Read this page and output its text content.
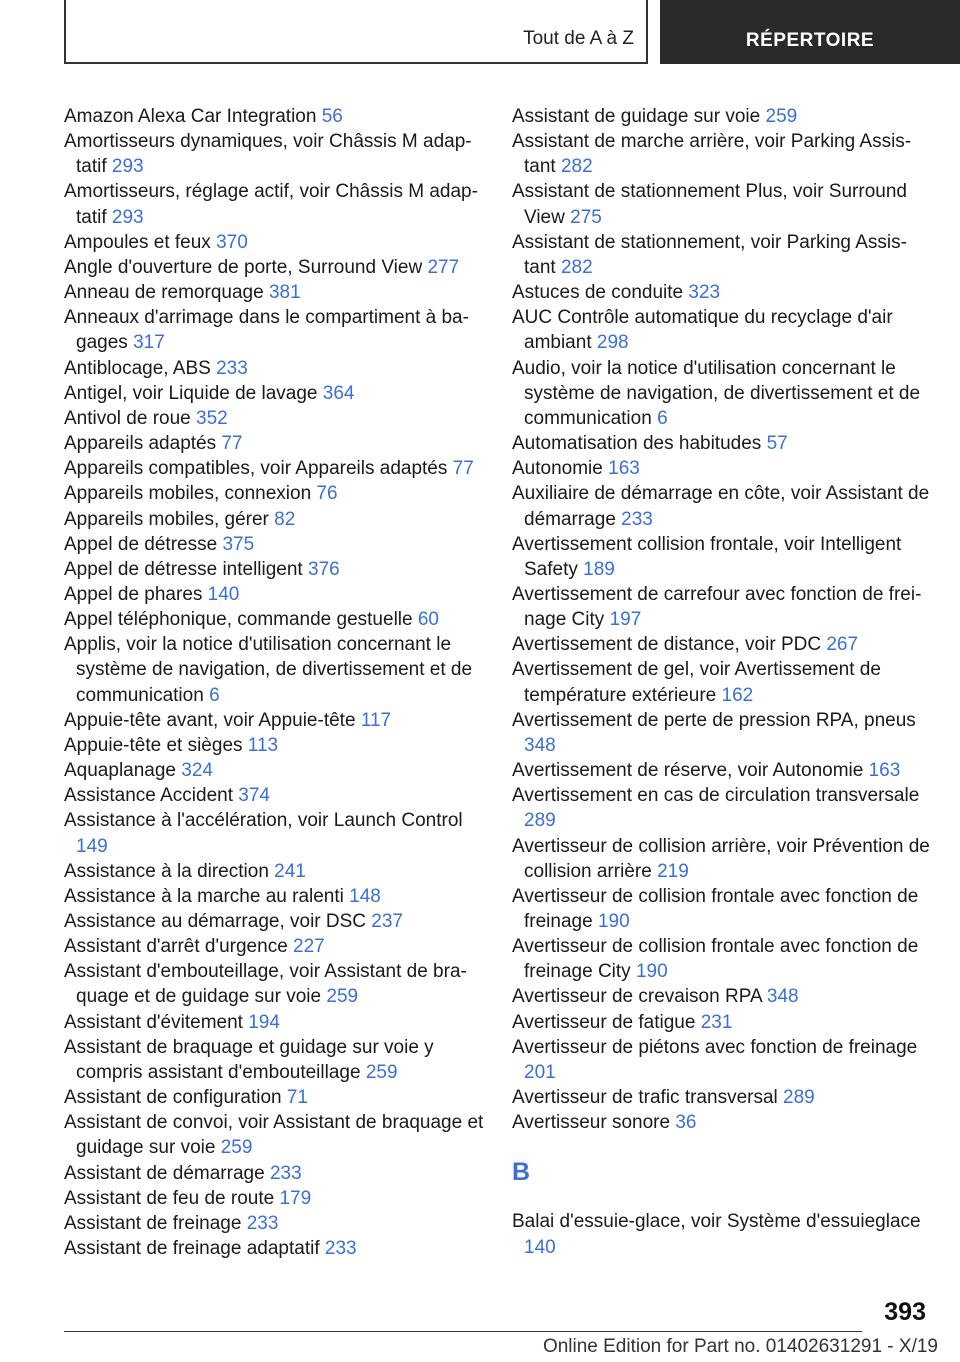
Tout de A à Z	RÉPERTOIRE
Amazon Alexa Car Integration 56
Amortisseurs dynamiques, voir Châssis M adaptatif 293
Amortisseurs, réglage actif, voir Châssis M adaptatif 293
Ampoules et feux 370
Angle d'ouverture de porte, Surround View 277
Anneau de remorquage 381
Anneaux d'arrimage dans le compartiment à bagages 317
Antiblocage, ABS 233
Antigel, voir Liquide de lavage 364
Antivol de roue 352
Appareils adaptés 77
Appareils compatibles, voir Appareils adaptés 77
Appareils mobiles, connexion 76
Appareils mobiles, gérer 82
Appel de détresse 375
Appel de détresse intelligent 376
Appel de phares 140
Appel téléphonique, commande gestuelle 60
Applis, voir la notice d'utilisation concernant le système de navigation, de divertissement et de communication 6
Appuie-tête avant, voir Appuie-tête 117
Appuie-tête et sièges 113
Aquaplanage 324
Assistance Accident 374
Assistance à l'accélération, voir Launch Control 149
Assistance à la direction 241
Assistance à la marche au ralenti 148
Assistance au démarrage, voir DSC 237
Assistant d'arrêt d'urgence 227
Assistant d'embouteillage, voir Assistant de braquage et de guidage sur voie 259
Assistant d'évitement 194
Assistant de braquage et guidage sur voie y compris assistant d'embouteillage 259
Assistant de configuration 71
Assistant de convoi, voir Assistant de braquage et guidage sur voie 259
Assistant de démarrage 233
Assistant de feu de route 179
Assistant de freinage 233
Assistant de freinage adaptatif 233
Assistant de guidage sur voie 259
Assistant de marche arrière, voir Parking Assistant 282
Assistant de stationnement Plus, voir Surround View 275
Assistant de stationnement, voir Parking Assistant 282
Astuces de conduite 323
AUC Contrôle automatique du recyclage d'air ambiant 298
Audio, voir la notice d'utilisation concernant le système de navigation, de divertissement et de communication 6
Automatisation des habitudes 57
Autonomie 163
Auxiliaire de démarrage en côte, voir Assistant de démarrage 233
Avertissement collision frontale, voir Intelligent Safety 189
Avertissement de carrefour avec fonction de freinage City 197
Avertissement de distance, voir PDC 267
Avertissement de gel, voir Avertissement de température extérieure 162
Avertissement de perte de pression RPA, pneus 348
Avertissement de réserve, voir Autonomie 163
Avertissement en cas de circulation transversale 289
Avertisseur de collision arrière, voir Prévention de collision arrière 219
Avertisseur de collision frontale avec fonction de freinage 190
Avertisseur de collision frontale avec fonction de freinage City 190
Avertisseur de crevaison RPA 348
Avertisseur de fatigue 231
Avertisseur de piétons avec fonction de freinage 201
Avertisseur de trafic transversal 289
Avertisseur sonore 36
B
Balai d'essuie-glace, voir Système d'essuieglace 140
393
Online Edition for Part no. 01402631291 - X/19
